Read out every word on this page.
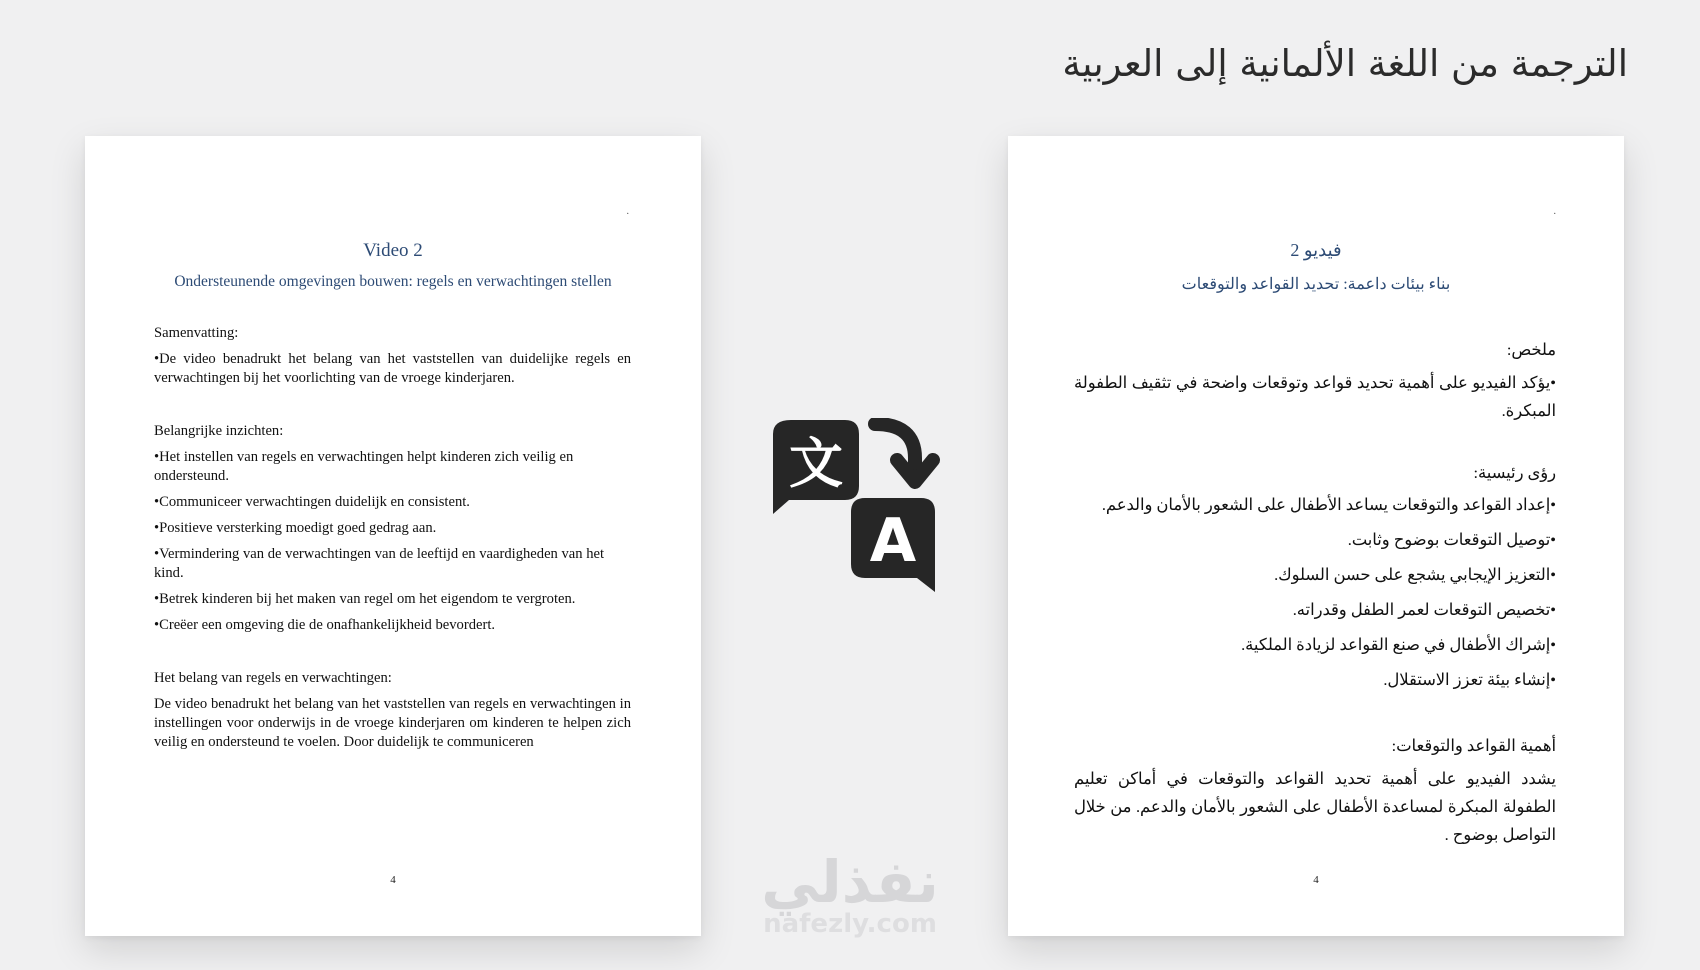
الترجمة من اللغة الألمانية إلى العربية
.
Video 2
Ondersteunende omgevingen bouwen: regels en verwachtingen stellen

Samenvatting:

•De video benadrukt het belang van het vaststellen van duidelijke regels en verwachtingen bij het voorlichting van de vroege kinderjaren.

Belangrijke inzichten:

•Het instellen van regels en verwachtingen helpt kinderen zich veilig en ondersteund.

•Communiceer verwachtingen duidelijk en consistent.

•Positieve versterking moedigt goed gedrag aan.

•Vermindering van de verwachtingen van de leeftijd en vaardigheden van het kind.

•Betrek kinderen bij het maken van regel om het eigendom te vergroten.

•Creëer een omgeving die de onafhankelijkheid bevordert.

Het belang van regels en verwachtingen:

De video benadrukt het belang van het vaststellen van regels en verwachtingen in instellingen voor onderwijs in de vroege kinderjaren om kinderen te helpen zich veilig en ondersteund te voelen. Door duidelijk te communiceren

4
文
A
.
فيديو 2
بناء بيئات داعمة: تحديد القواعد والتوقعات

ملخص:

•يؤكد الفيديو على أهمية تحديد قواعد وتوقعات واضحة في تثقيف الطفولة المبكرة.

رؤى رئيسية:

•إعداد القواعد والتوقعات يساعد الأطفال على الشعور بالأمان والدعم.

•توصيل التوقعات بوضوح وثابت.

•التعزيز الإيجابي يشجع على حسن السلوك.

•تخصيص التوقعات لعمر الطفل وقدراته.

•إشراك الأطفال في صنع القواعد لزيادة الملكية.

•إنشاء بيئة تعزز الاستقلال.

أهمية القواعد والتوقعات:

يشدد الفيديو على أهمية تحديد القواعد والتوقعات في أماكن تعليم الطفولة المبكرة لمساعدة الأطفال على الشعور بالأمان والدعم. من خلال التواصل بوضوح .

4
نفذلي
nafezly.com
